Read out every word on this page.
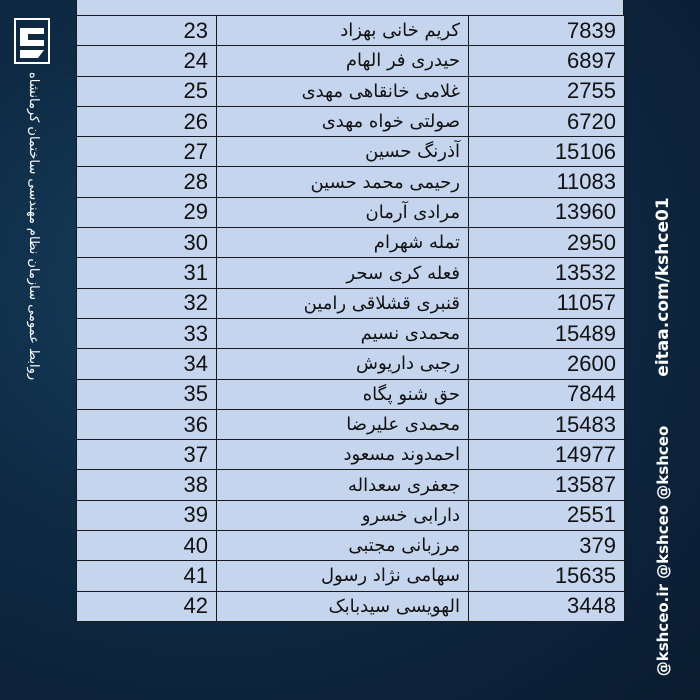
روابط عمومی سازمان نظام مهندسی ساختمان کرمانشاه	eitaa.com/kshce01
@kshceo.ir @kshceo @kshceo
23	کریم خانی بهزاد	7839
24	حیدری فر الهام	6897
25	غلامی خانقاهی مهدی	2755
26	صولتی خواه مهدی	6720
27	آذرنگ حسین	15106
28	رحیمی محمد حسین	11083
29	مرادی آرمان	13960
30	تمله شهرام	2950
31	فعله کری سحر	13532
32	قنبری قشلاقی رامین	11057
33	محمدی نسیم	15489
34	رجبی داریوش	2600
35	حق شنو پگاه	7844
36	محمدی علیرضا	15483
37	احمدوند مسعود	14977
38	جعفری سعداله	13587
39	دارابی خسرو	2551
40	مرزبانی مجتبی	379
41	سهامی نژاد رسول	15635
42	الهویسی سیدبابک	3448
